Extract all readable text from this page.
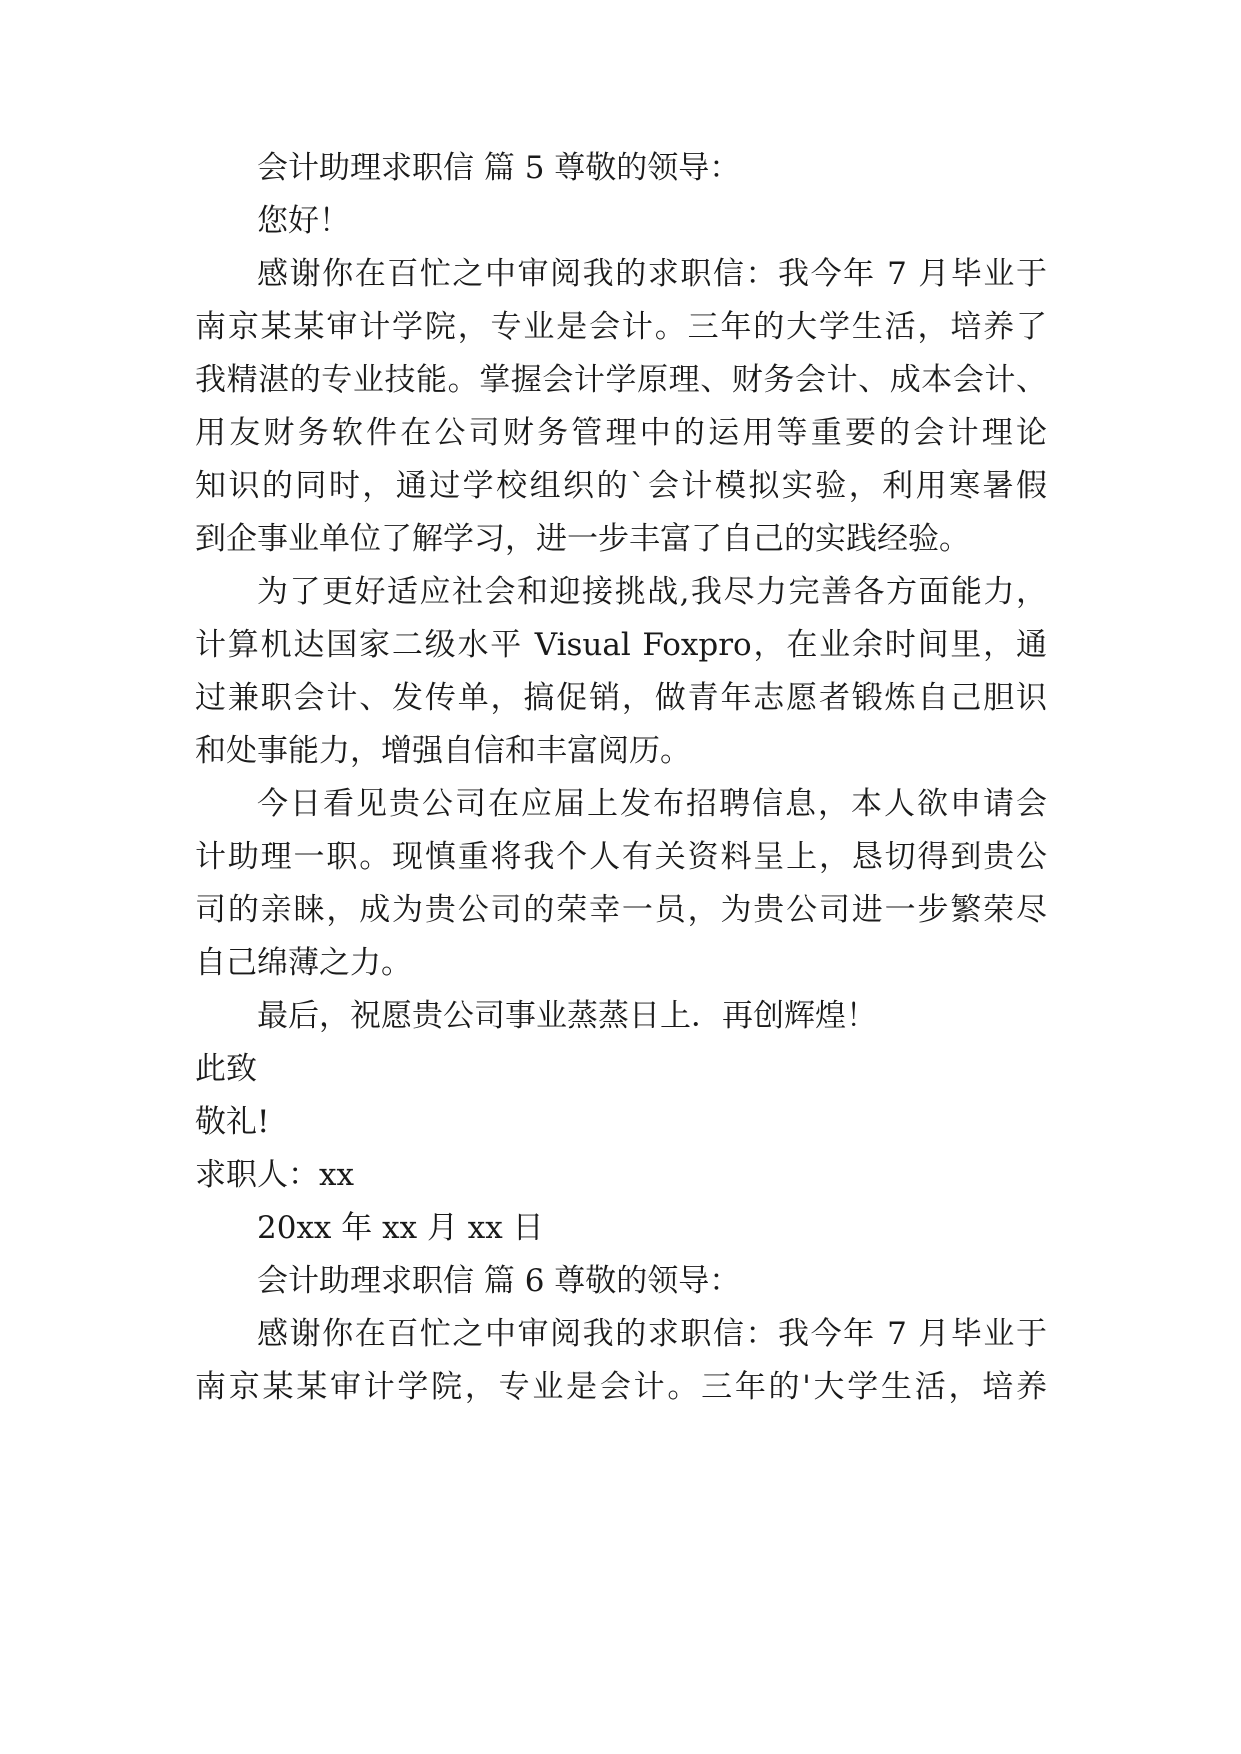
会计助理求职信 篇 5 尊敬的领导：
您好！
感谢你在百忙之中审阅我的求职信：我今年 7 月毕业于
南京某某审计学院，专业是会计。三年的大学生活，培养了
我精湛的专业技能。掌握会计学原理、财务会计、成本会计、
用友财务软件在公司财务管理中的运用等重要的会计理论
知识的同时，通过学校组织的`会计模拟实验，利用寒暑假
到企事业单位了解学习，进一步丰富了自己的实践经验。
为了更好适应社会和迎接挑战,我尽力完善各方面能力，
计算机达国家二级水平 Visual Foxpro，在业余时间里，通
过兼职会计、发传单，搞促销，做青年志愿者锻炼自己胆识
和处事能力，增强自信和丰富阅历。
今日看见贵公司在应届上发布招聘信息，本人欲申请会
计助理一职。现慎重将我个人有关资料呈上，恳切得到贵公
司的亲睐，成为贵公司的荣幸一员，为贵公司进一步繁荣尽
自己绵薄之力。
最后，祝愿贵公司事业蒸蒸日上．再创辉煌！
此致
敬礼!
求职人：xx
20xx 年 xx 月 xx 日
会计助理求职信 篇 6 尊敬的领导：
感谢你在百忙之中审阅我的求职信：我今年 7 月毕业于
南京某某审计学院，专业是会计。三年的'大学生活，培养
